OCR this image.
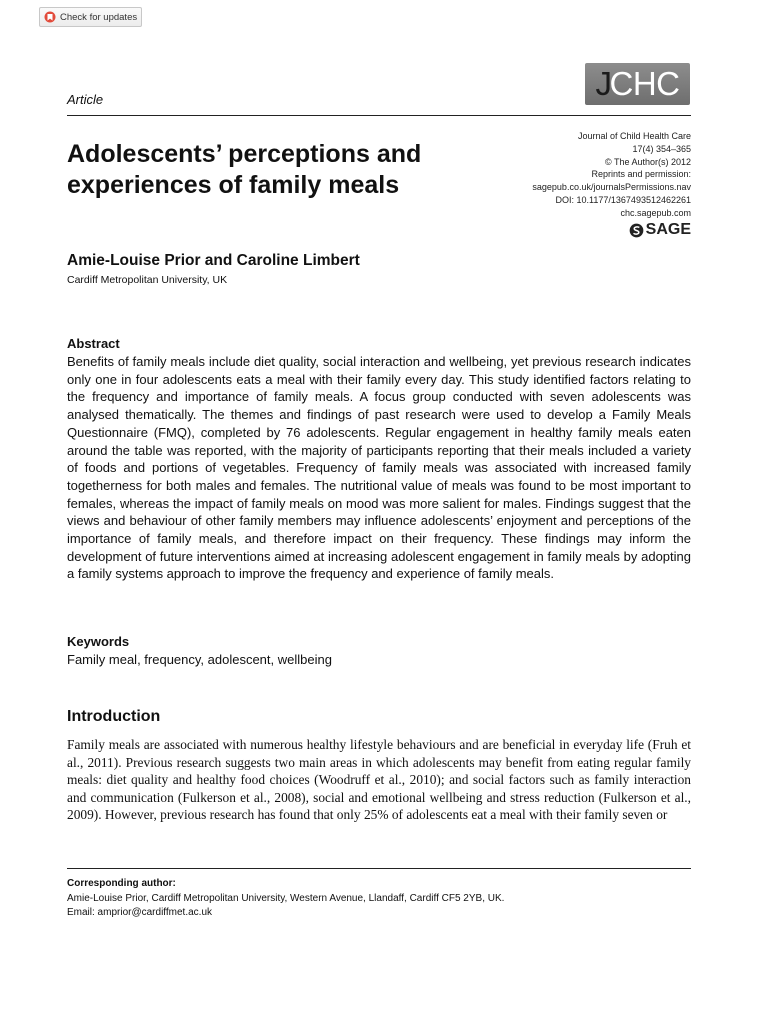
Check for updates
J
CHC
Article
Adolescents’ perceptions and experiences of family meals
Journal of Child Health Care
17(4) 354–365
© The Author(s) 2012
Reprints and permission:
sagepub.co.uk/journalsPermissions.nav
DOI: 10.1177/1367493512462261
chc.sagepub.com
SAGE
Amie-Louise Prior and Caroline Limbert
Cardiff Metropolitan University, UK
Abstract

Benefits of family meals include diet quality, social interaction and wellbeing, yet previous research indicates only one in four adolescents eats a meal with their family every day. This study identified factors relating to the frequency and importance of family meals. A focus group conducted with seven adolescents was analysed thematically. The themes and findings of past research were used to develop a Family Meals Questionnaire (FMQ), completed by 76 adolescents. Regular engagement in healthy family meals eaten around the table was reported, with the majority of participants reporting that their meals included a variety of foods and portions of vegetables. Frequency of family meals was associated with increased family togetherness for both males and females. The nutritional value of meals was found to be most important to females, whereas the impact of family meals on mood was more salient for males. Findings suggest that the views and behaviour of other family members may influence adolescents’ enjoyment and perceptions of the importance of family meals, and therefore impact on their frequency. These findings may inform the development of future interventions aimed at increasing adolescent engagement in family meals by adopting a family systems approach to improve the frequency and experience of family meals.

Keywords
Family meal, frequency, adolescent, wellbeing
Introduction

Family meals are associated with numerous healthy lifestyle behaviours and are beneficial in everyday life (Fruh et al., 2011). Previous research suggests two main areas in which adolescents may benefit from eating regular family meals: diet quality and healthy food choices (Woodruff et al., 2010); and social factors such as family interaction and communication (Fulkerson et al., 2008), social and emotional wellbeing and stress reduction (Fulkerson et al., 2009). However, previous research has found that only 25% of adolescents eat a meal with their family seven or

Corresponding author:
Amie-Louise Prior, Cardiff Metropolitan University, Western Avenue, Llandaff, Cardiff CF5 2YB, UK.
Email: amprior@cardiffmet.ac.uk
